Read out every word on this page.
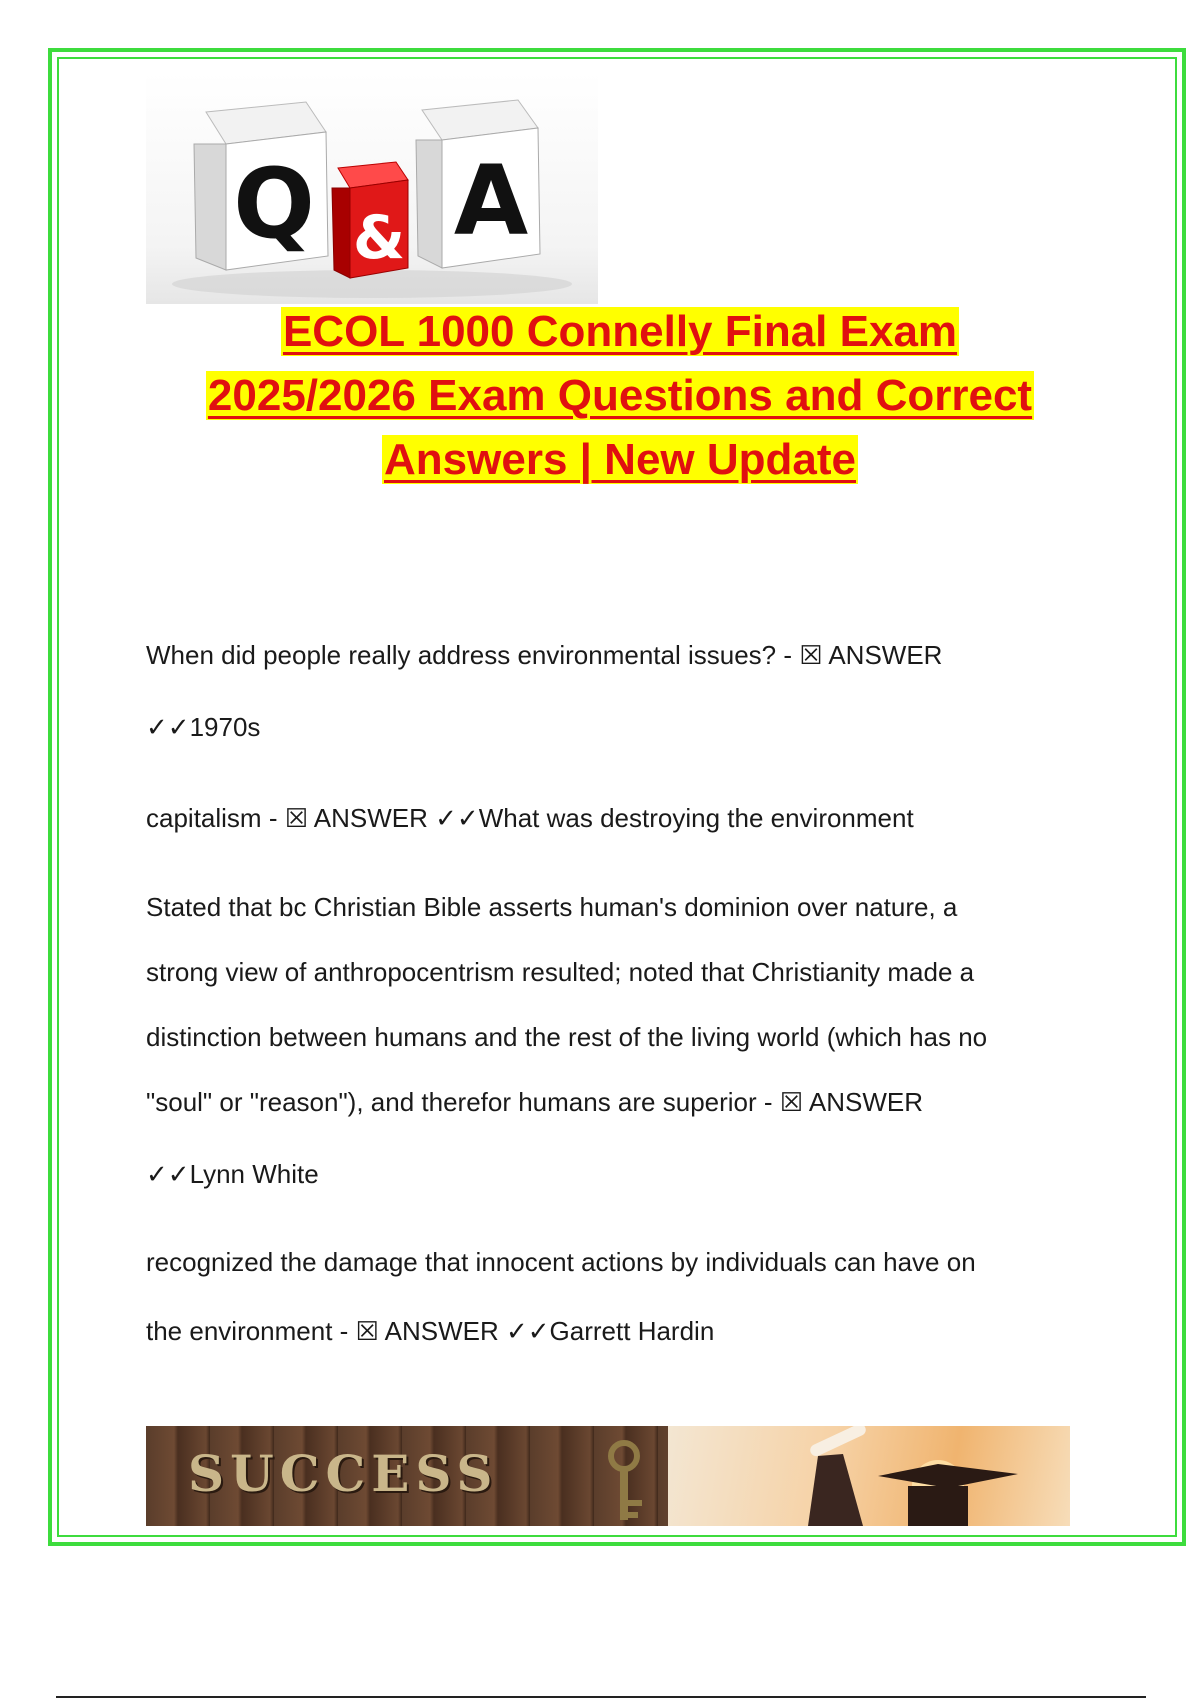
Q A
&
ECOL 1000 Connelly Final Exam
2025/2026 Exam Questions and Correct
Answers | New Update
When did people really address environmental issues? - ☒ ANSWER
✓✓1970s
capitalism - ☒ ANSWER ✓✓What was destroying the environment
Stated that bc Christian Bible asserts human's dominion over nature, a
strong view of anthropocentrism resulted; noted that Christianity made a
distinction between humans and the rest of the living world (which has no
"soul" or "reason"), and therefor humans are superior - ☒ ANSWER
✓✓Lynn White
recognized the damage that innocent actions by individuals can have on
the environment - ☒ ANSWER ✓✓Garrett Hardin
SUCCESS
